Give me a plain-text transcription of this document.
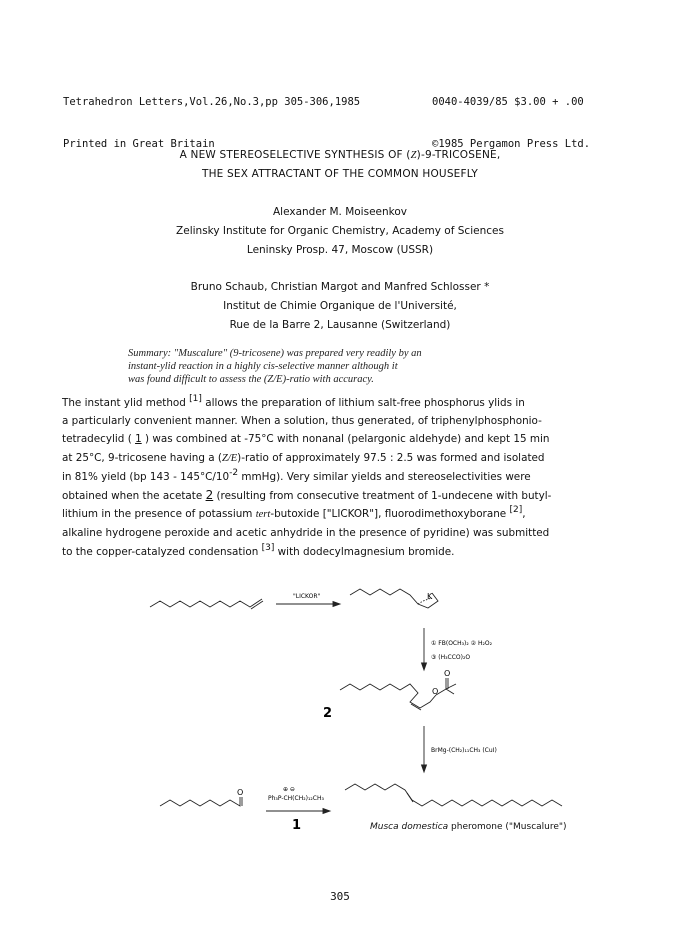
Tetrahedron Letters,Vol.26,No.3,pp 305-306,1985

Printed in Great Britain

0040-4039/85 $3.00 + .00

©1985 Pergamon Press Ltd.

A NEW STEREOSELECTIVE SYNTHESIS OF (Z)-9-TRICOSENE,
THE SEX ATTRACTANT OF THE COMMON HOUSEFLY
Alexander M. Moiseenkov
Zelinsky Institute for Organic Chemistry, Academy of Sciences
Leninsky Prosp. 47, Moscow (USSR)
Bruno Schaub, Christian Margot and Manfred Schlosser *
Institut de Chimie Organique de l'Université,
Rue de la Barre 2, Lausanne (Switzerland)
Summary: "Muscalure" (9-tricosene) was prepared very readily by an
instant-ylid reaction in a highly cis-selective manner although it
was found difficult to assess the (Z/E)-ratio with accuracy.

The instant ylid method [1] allows the preparation of lithium salt-free phosphorus ylids in

a particularly convenient manner. When a solution, thus generated, of triphenylphosphonio-

tetradecylid ( 1 ) was combined at -75°C with nonanal (pelargonic aldehyde) and kept 15 min

at 25°C, 9-tricosene having a (Z/E)-ratio of approximately 97.5 : 2.5 was formed and isolated

in 81% yield (bp $143 - 145^\circ C/10^{-2}$ mmHg). Very similar yields and stereoselectivities were

obtained when the acetate 2 (resulting from consecutive treatment of 1-undecene with butyl-

lithium in the presence of potassium tert-butoxide ["LICKOR"], fluorodimethoxyborane [2],

alkaline hydrogene peroxide and acetic anhydride in the presence of pyridine) was submitted

to the copper-catalyzed condensation [3] with dodecylmagnesium bromide.

"LICKOR"	K
① FB(OCH₃)₂ ② H₂O₂
③ (H₃CCO)₂O
O
O
2
BrMg-(CH₂)₁₁CH₃ (CuI)
O	⊕ ⊖
Ph₃P-CH(CH₂)₁₂CH₃
1	Musca domestica pheromone ("Muscalure")
305
